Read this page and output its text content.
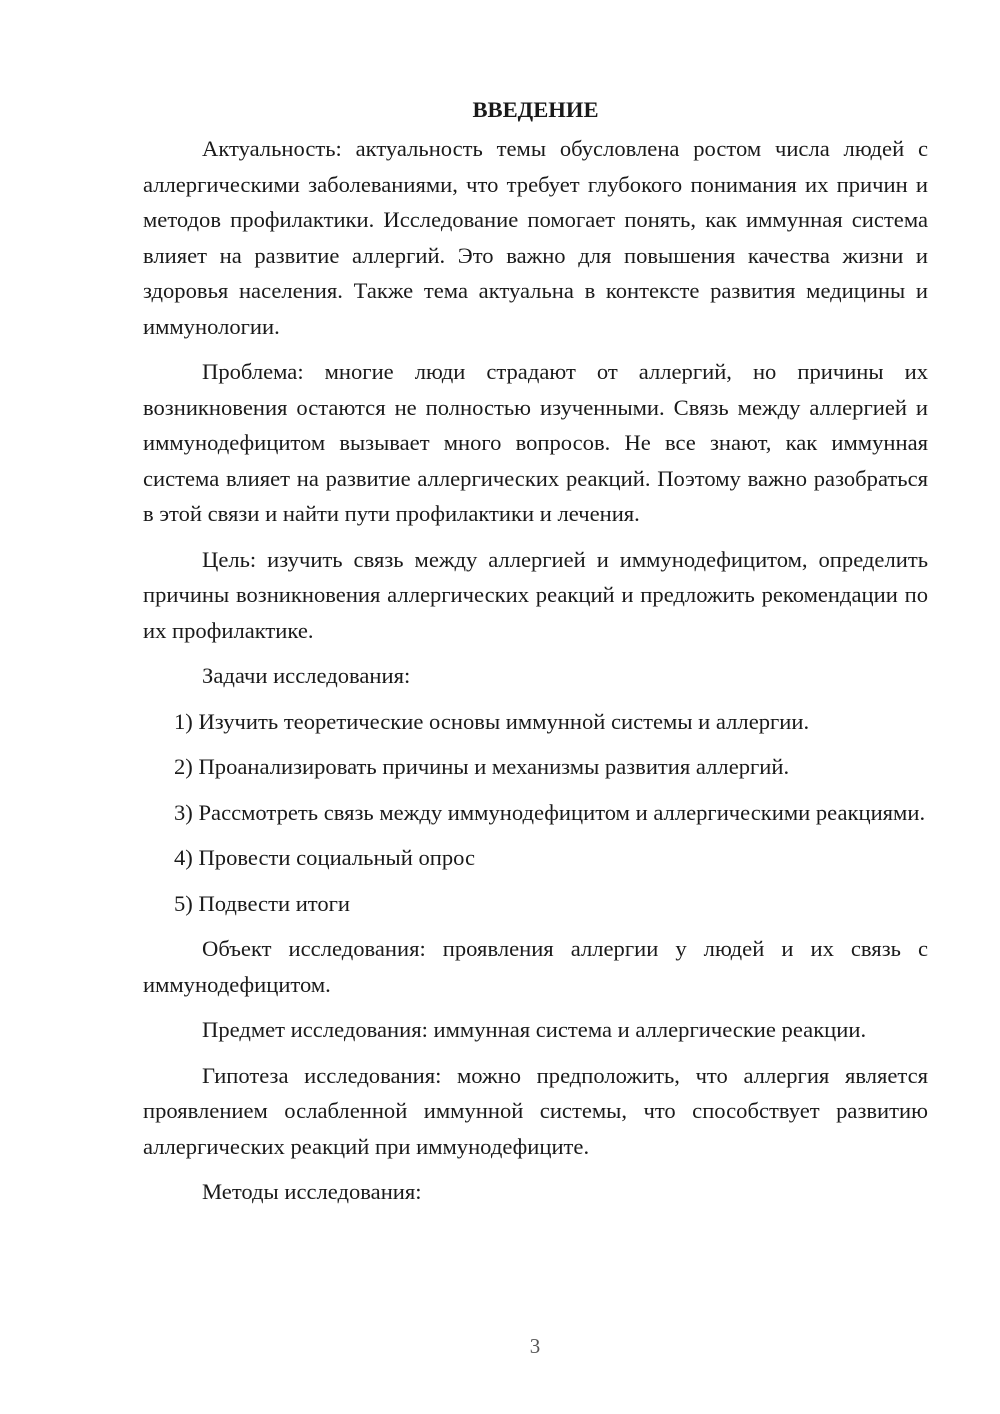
ВВЕДЕНИЕ

Актуальность: актуальность темы обусловлена ростом числа людей с аллергическими заболеваниями, что требует глубокого понимания их причин и методов профилактики. Исследование помогает понять, как иммунная система влияет на развитие аллергий. Это важно для повышения качества жизни и здоровья населения. Также тема актуальна в контексте развития медицины и иммунологии.

Проблема: многие люди страдают от аллергий, но причины их возникновения остаются не полностью изученными. Связь между аллергией и иммунодефицитом вызывает много вопросов. Не все знают, как иммунная система влияет на развитие аллергических реакций. Поэтому важно разобраться в этой связи и найти пути профилактики и лечения.

Цель: изучить связь между аллергией и иммунодефицитом, определить причины возникновения аллергических реакций и предложить рекомендации по их профилактике.

Задачи исследования:

1) Изучить теоретические основы иммунной системы и аллергии.

2) Проанализировать причины и механизмы развития аллергий.

3) Рассмотреть связь между иммунодефицитом и аллергическими реакциями.

4) Провести социальный опрос

5) Подвести итоги

Объект исследования: проявления аллергии у людей и их связь с иммунодефицитом.

Предмет исследования: иммунная система и аллергические реакции.

Гипотеза исследования: можно предположить, что аллергия является проявлением ослабленной иммунной системы, что способствует развитию аллергических реакций при иммунодефиците.

Методы исследования:

3
